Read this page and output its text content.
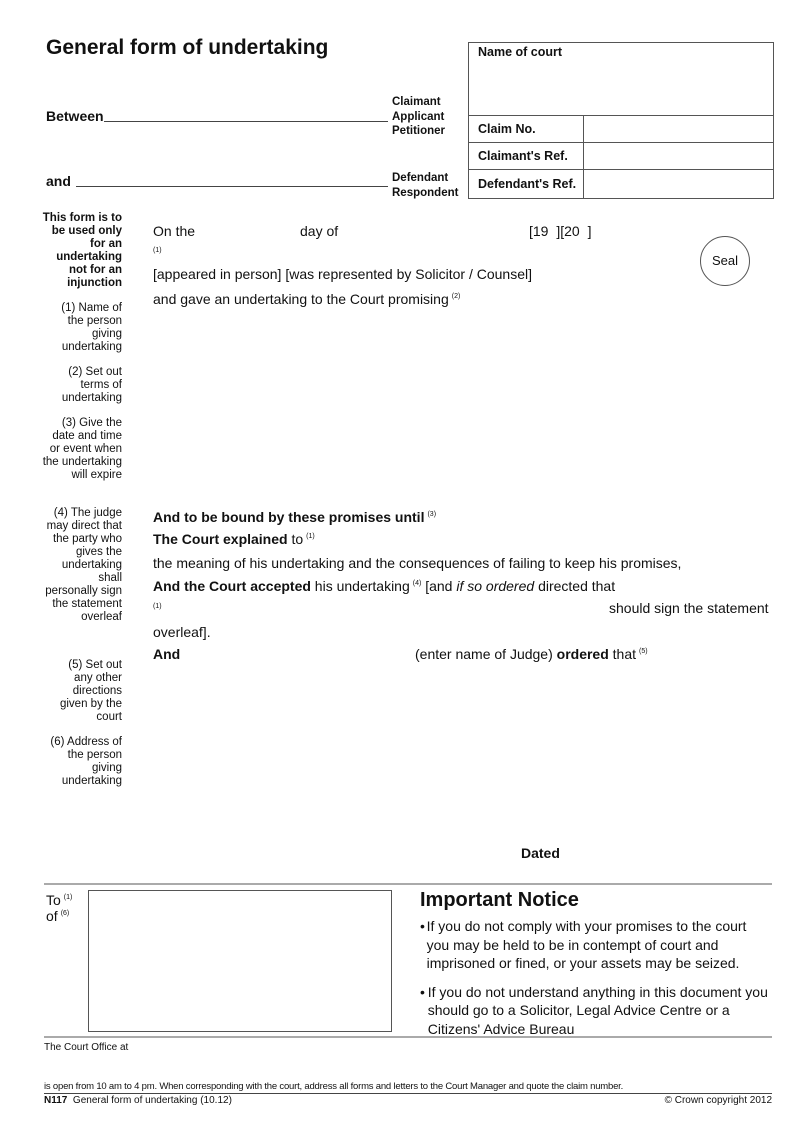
General form of undertaking	Name of court
Claim No.
Claimant's Ref.
Defendant's Ref.
Between
Claimant
Applicant
Petitioner
and	Defendant
Respondent
This form is to be used only for an undertaking not for an injunction
(1) Name of the person giving undertaking
(2) Set out terms of undertaking
(3) Give the date and time or event when the undertaking will expire
(4) The judge may direct that the party who gives the undertaking shall personally sign the statement overleaf
(5) Set out any other directions given by the court
(6) Address of the person giving undertaking
On the	day of	[19 ][20 ]
(1)
Seal
[appeared in person] [was represented by Solicitor / Counsel]
and gave an undertaking to the Court promising $^{(2)}$
And to be bound by these promises until $^{(3)}$
The Court explained to $^{(1)}$
the meaning of his undertaking and the consequences of failing to keep his promises,
And the Court accepted his undertaking $^{(4)}$ [and if so ordered directed that
(1)	should sign the statement
overleaf].
And	(enter name of Judge) ordered that $^{(5)}$
Dated
To $^{(1)}$
of $^{(6)}$
Important Notice
• If you do not comply with your promises to the court you may be held to be in contempt of court and imprisoned or fined, or your assets may be seized.
• If you do not understand anything in this document you should go to a Solicitor, Legal Advice Centre or a Citizens' Advice Bureau
The Court Office at
is open from 10 am to 4 pm. When corresponding with the court, address all forms and letters to the Court Manager and quote the claim number.
N117 General form of undertaking (10.12)	© Crown copyright 2012
